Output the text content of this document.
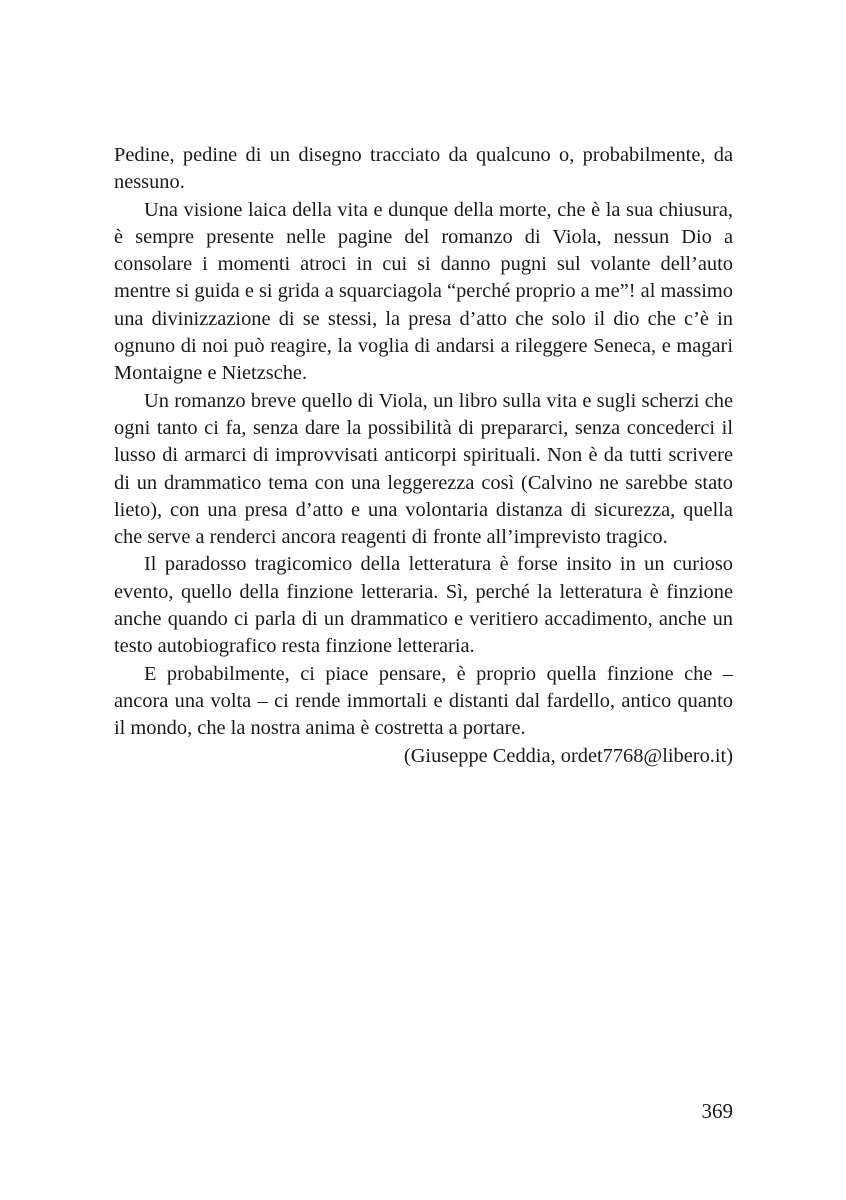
Pedine, pedine di un disegno tracciato da qualcuno o, probabilmente, da nessuno.

Una visione laica della vita e dunque della morte, che è la sua chiusura, è sempre presente nelle pagine del romanzo di Viola, nessun Dio a consolare i momenti atroci in cui si danno pugni sul volante dell’auto mentre si guida e si grida a squarciagola “perché proprio a me”! al massimo una divinizzazione di se stessi, la presa d’atto che solo il dio che c’è in ognuno di noi può reagire, la voglia di andarsi a rileggere Seneca, e magari Montaigne e Nietzsche.

Un romanzo breve quello di Viola, un libro sulla vita e sugli scherzi che ogni tanto ci fa, senza dare la possibilità di prepararci, senza concederci il lusso di armarci di improvvisati anticorpi spirituali. Non è da tutti scrivere di un drammatico tema con una leggerezza così (Calvino ne sarebbe stato lieto), con una presa d’atto e una volontaria distanza di sicurezza, quella che serve a renderci ancora reagenti di fronte all’imprevisto tragico.

Il paradosso tragicomico della letteratura è forse insito in un curioso evento, quello della finzione letteraria. Sì, perché la letteratura è finzione anche quando ci parla di un drammatico e veritiero accadimento, anche un testo autobiografico resta finzione letteraria.

E probabilmente, ci piace pensare, è proprio quella finzione che – ancora una volta – ci rende immortali e distanti dal fardello, antico quanto il mondo, che la nostra anima è costretta a portare.

(Giuseppe Ceddia, ordet7768@libero.it)

369
